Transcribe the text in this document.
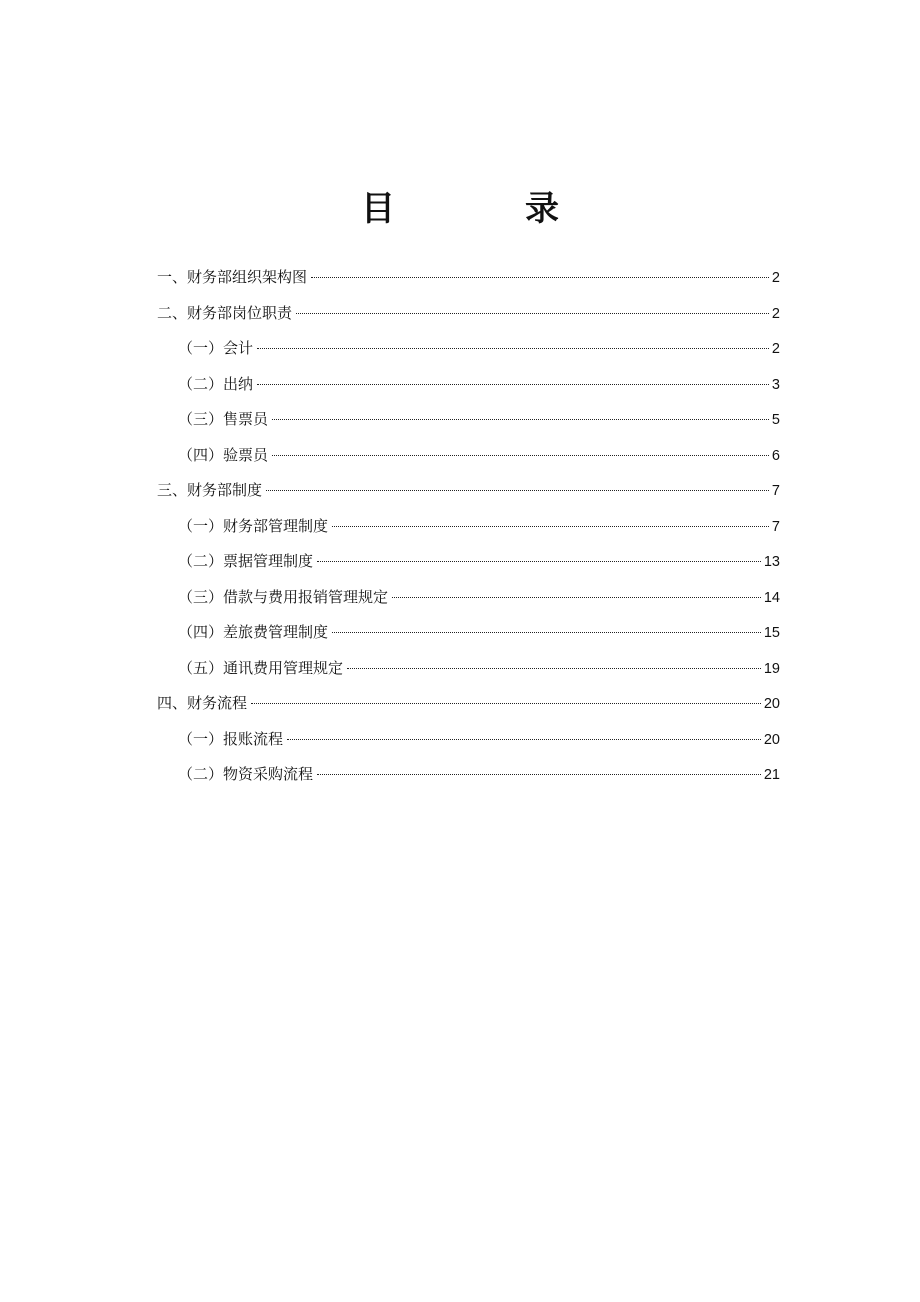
目　录
一、财务部组织架构图	2
二、财务部岗位职责	2
（一）会计	2
（二）出纳	3
（三）售票员	5
（四）验票员	6
三、财务部制度	7
（一）财务部管理制度	7
（二）票据管理制度	13
（三）借款与费用报销管理规定	14
（四）差旅费管理制度	15
（五）通讯费用管理规定	19
四、财务流程	20
（一）报账流程	20
（二）物资采购流程	21
